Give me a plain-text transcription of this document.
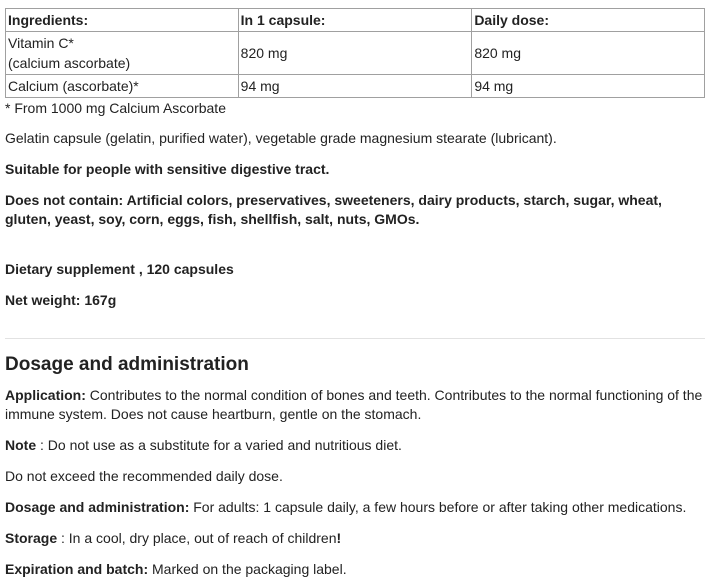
Ingredients:	In 1 capsule:	Daily dose:
Vitamin C*
(calcium ascorbate)	820 mg	820 mg
Calcium (ascorbate)*	94 mg	94 mg
* From 1000 mg Calcium Ascorbate

Gelatin capsule (gelatin, purified water), vegetable grade magnesium stearate (lubricant).

Suitable for people with sensitive digestive tract.

Does not contain: Artificial colors, preservatives, sweeteners, dairy products, starch, sugar, wheat, gluten, yeast, soy, corn, eggs, fish, shellfish, salt, nuts, GMOs.

Dietary supplement , 120 capsules

Net weight: 167g

Dosage and administration

Application: Contributes to the normal condition of bones and teeth. Contributes to the normal functioning of the immune system. Does not cause heartburn, gentle on the stomach.

Note : Do not use as a substitute for a varied and nutritious diet.

Do not exceed the recommended daily dose.

Dosage and administration: For adults: 1 capsule daily, a few hours before or after taking other medications.

Storage : In a cool, dry place, out of reach of children!

Expiration and batch: Marked on the packaging label.
